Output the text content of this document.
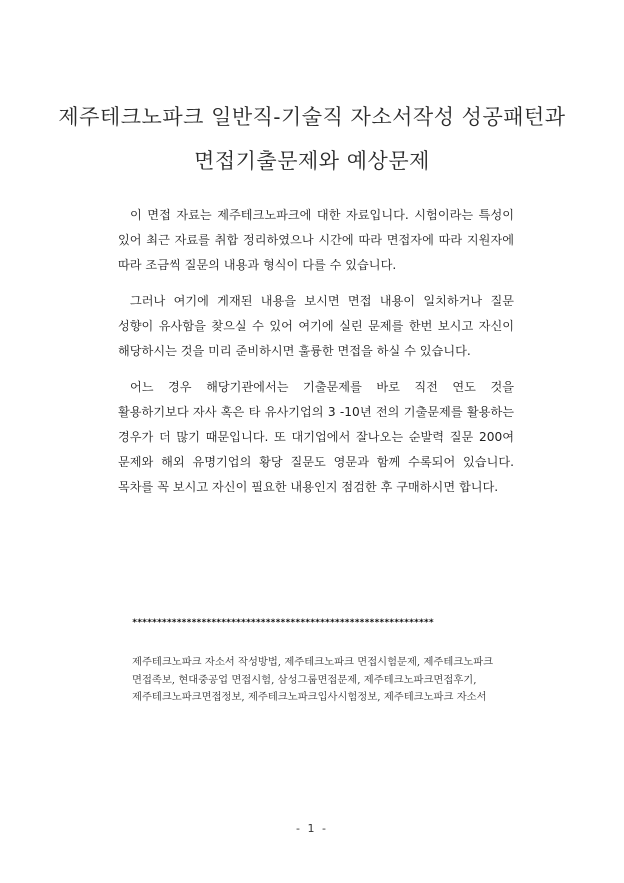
제주테크노파크 일반직-기술직 자소서작성 성공패턴과
면접기출문제와 예상문제

이 면접 자료는 제주테크노파크에 대한 자료입니다. 시험이라는 특성이 있어 최근 자료를 취합 정리하였으나 시간에 따라 면접자에 따라 지원자에 따라 조금씩 질문의 내용과 형식이 다를 수 있습니다.

그러나 여기에 게재된 내용을 보시면 면접 내용이 일치하거나 질문 성향이 유사함을 찾으실 수 있어 여기에 실린 문제를 한번 보시고 자신이 해당하시는 것을 미리 준비하시면 훌륭한 면접을 하실 수 있습니다.

어느 경우 해당기관에서는 기출문제를 바로 직전 연도 것을 활용하기보다 자사 혹은 타 유사기업의 3 -10년 전의 기출문제를 활용하는 경우가 더 많기 때문입니다. 또 대기업에서 잘나오는 순발력 질문 200여 문제와 해외 유명기업의 황당 질문도 영문과 함께 수록되어 있습니다. 목차를 꼭 보시고 자신이 필요한 내용인지 점검한 후 구매하시면 합니다.

*************************************************************
제주테크노파크 자소서 작성방법, 제주테크노파크 면접시험문제, 제주테크노파크 면접족보, 현대중공업 면접시험, 삼성그룹면접문제, 제주테크노파크면접후기, 제주테크노파크면접정보, 제주테크노파크입사시험정보, 제주테크노파크 자소서
- 1 -
